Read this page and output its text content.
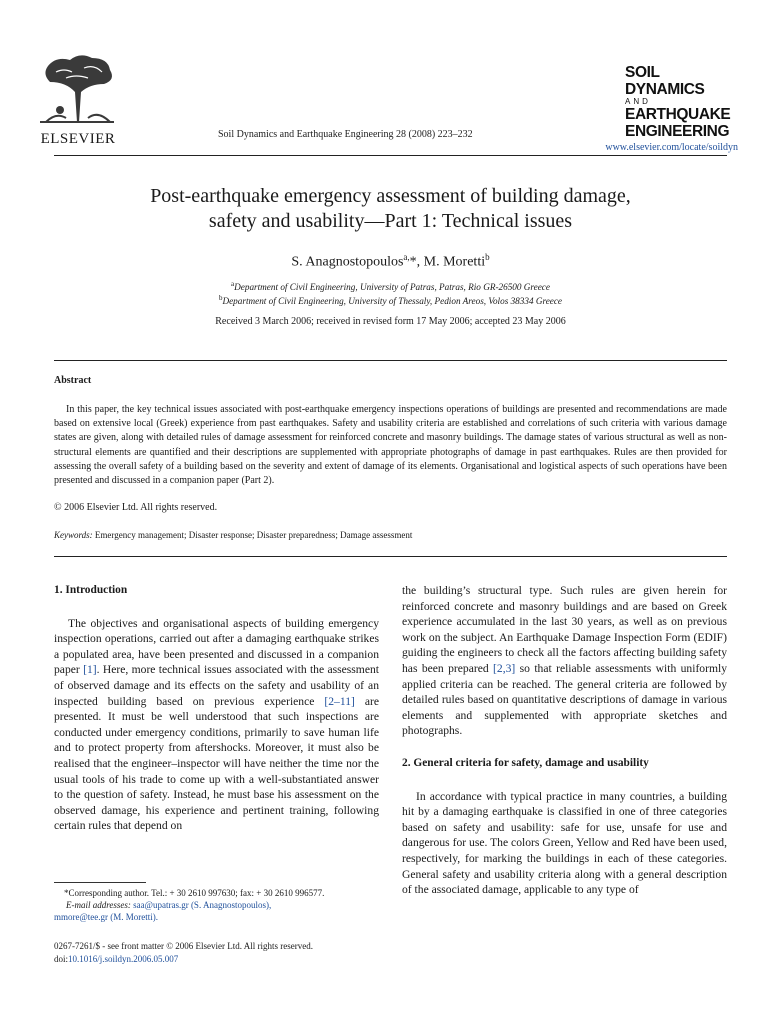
ELSEVIER	Soil Dynamics and Earthquake Engineering 28 (2008) 223–232
SOIL DYNAMICS
AND
EARTHQUAKE
ENGINEERING
www.elsevier.com/locate/soildyn
Post-earthquake emergency assessment of building damage,
safety and usability—Part 1: Technical issues
S. Anagnostopoulos$^{a,}$*, M. Moretti$^b$
$^a$Department of Civil Engineering, University of Patras, Patras, Rio GR-26500 Greece
$^b$Department of Civil Engineering, University of Thessaly, Pedion Areos, Volos 38334 Greece
Received 3 March 2006; received in revised form 17 May 2006; accepted 23 May 2006
Abstract
In this paper, the key technical issues associated with post-earthquake emergency inspections operations of buildings are presented and recommendations are made based on extensive local (Greek) experience from past earthquakes. Safety and usability criteria are established and correlations of such criteria with various damage states are given, along with detailed rules of damage assessment for reinforced concrete and masonry buildings. The damage states of various structural as well as non-structural elements are quantified and their descriptions are supplemented with appropriate photographs of damage in past earthquakes. Rules are then provided for assessing the overall safety of a building based on the severity and extent of damage of its elements. Organisational and logistical aspects of such operations have been presented and discussed in a companion paper (Part 2).
© 2006 Elsevier Ltd. All rights reserved.
Keywords: Emergency management; Disaster response; Disaster preparedness; Damage assessment
1. Introduction

The objectives and organisational aspects of building emergency inspection operations, carried out after a damaging earthquake strikes a populated area, have been presented and discussed in a companion paper [1]. Here, more technical issues associated with the assessment of observed damage and its effects on the safety and usability of an inspected building based on previous experience [2–11] are presented. It must be well understood that such inspections are conducted under emergency conditions, primarily to save human life and to protect property from aftershocks. Moreover, it must also be realised that the engineer–inspector will have neither the time nor the usual tools of his trade to come up with a well-substantiated answer to the question of safety. Instead, he must base his assessment on the observed damage, his experience and pertinent training, following certain rules that depend on

the building’s structural type. Such rules are given herein for reinforced concrete and masonry buildings and are based on Greek experience accumulated in the last 30 years, as well as on previous work on the subject. An Earthquake Damage Inspection Form (EDIF) guiding the engineers to check all the factors affecting building safety has been prepared [2,3] so that reliable assessments with uniformly applied criteria can be reached. The general criteria are followed by detailed rules based on quantitative descriptions of damage in various elements and supplemented with appropriate sketches and photographs.

2. General criteria for safety, damage and usability

In accordance with typical practice in many countries, a building hit by a damaging earthquake is classified in one of three categories based on safety and usability: safe for use, unsafe for use and dangerous for use. The colors Green, Yellow and Red have been used, respectively, for marking the buildings in each of these categories. General safety and usability criteria along with a general description of the associated damage, applicable to any type of

*Corresponding author. Tel.: + 30 2610 997630; fax: + 30 2610 996577.
E-mail addresses: saa@upatras.gr (S. Anagnostopoulos),
mmore@tee.gr (M. Moretti).
0267-7261/$ - see front matter © 2006 Elsevier Ltd. All rights reserved.
doi:10.1016/j.soildyn.2006.05.007
